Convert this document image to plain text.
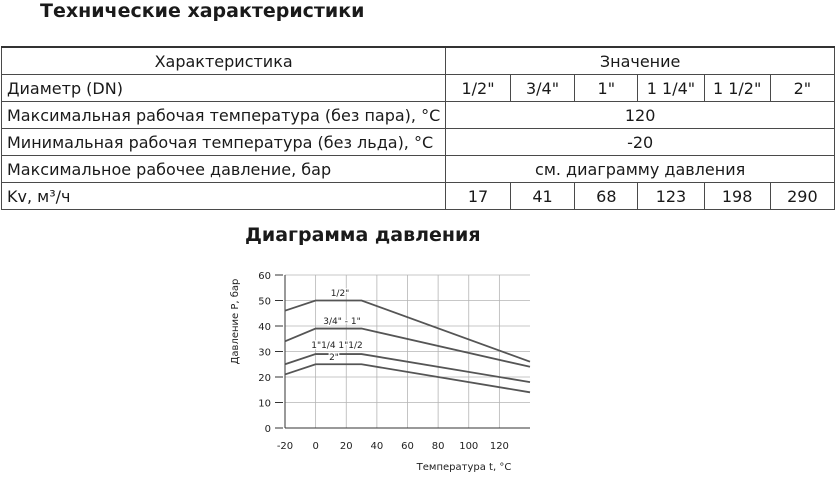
Технические характеристики
Характеристика	Значение					
Диаметр (DN)	1/2"	3/4"	1"	1 1/4"	1 1/2"	2"
Максимальная рабочая температура (без пара), °C	120					
Минимальная рабочая температура (без льда), °C	-20					
Максимальное рабочее давление, бар	см. диаграмму давления					
Kv, м³/ч	17	41	68	123	198	290
Диаграмма давления
-20 0 20 40 60 80 100 120
0
10
20
30
40
50
60
Температура t, °C
Давление P, бар	1/2"
3/4" - 1"
1"1/4 1"1/2
2"
